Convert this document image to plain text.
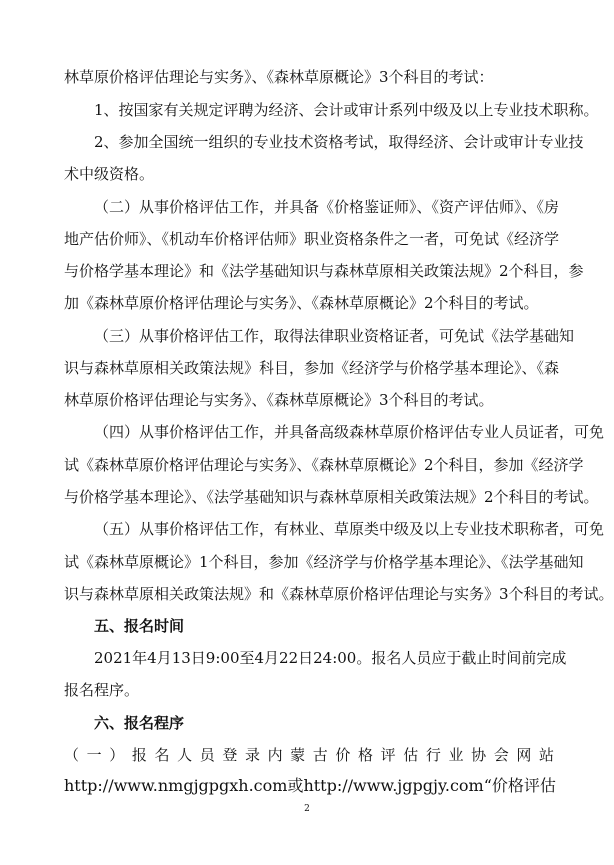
林草原价格评估理论与实务》、《森林草原概论》3个科目的考试：
1、按国家有关规定评聘为经济、会计或审计系列中级及以上专业技术职称。
2、参加全国统一组织的专业技术资格考试，取得经济、会计或审计专业技
术中级资格。
（二）从事价格评估工作，并具备《价格鉴证师》、《资产评估师》、《房
地产估价师》、《机动车价格评估师》职业资格条件之一者，可免试《经济学
与价格学基本理论》和《法学基础知识与森林草原相关政策法规》2个科目，参
加《森林草原价格评估理论与实务》、《森林草原概论》2个科目的考试。
（三）从事价格评估工作，取得法律职业资格证者，可免试《法学基础知
识与森林草原相关政策法规》科目，参加《经济学与价格学基本理论》、《森
林草原价格评估理论与实务》、《森林草原概论》3个科目的考试。
（四）从事价格评估工作，并具备高级森林草原价格评估专业人员证者，可免
试《森林草原价格评估理论与实务》、《森林草原概论》2个科目，参加《经济学
与价格学基本理论》、《法学基础知识与森林草原相关政策法规》2个科目的考试。
（五）从事价格评估工作，有林业、草原类中级及以上专业技术职称者，可免
试《森林草原概论》1个科目，参加《经济学与价格学基本理论》、《法学基础知
识与森林草原相关政策法规》和《森林草原价格评估理论与实务》3个科目的考试。
五、报名时间
2021年4月13日9:00至4月22日24:00。报名人员应于截止时间前完成
报名程序。
六、报名程序
（一）报名人员登录内蒙古价格评估行业协会网站
http://www.nmgjgpgxh.com或http://www.jgpgjy.com“价格评估
2
